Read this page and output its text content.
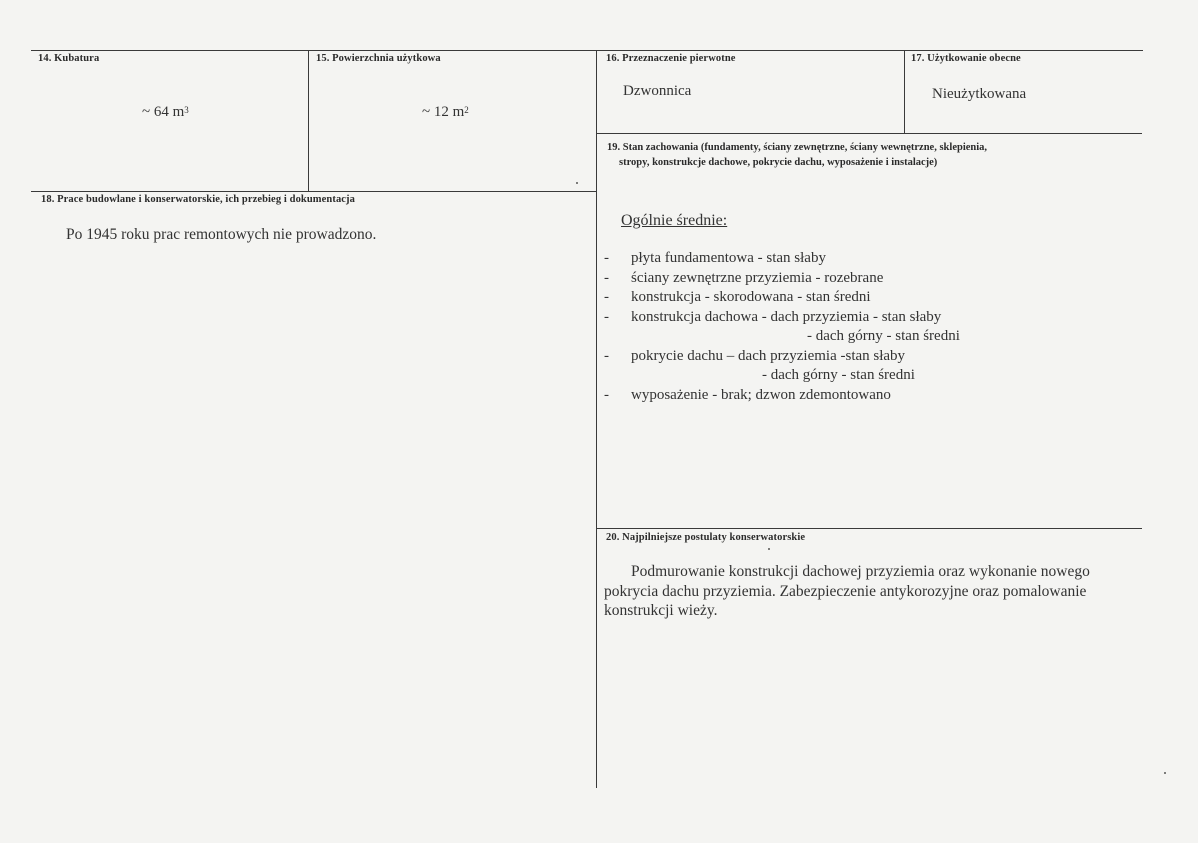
14. Kubatura
~ 64 $m^3$
15. Powierzchnia użytkowa
~ 12 $m^2$
16. Przeznaczenie pierwotne
Dzwonnica
17. Użytkowanie obecne
Nieużytkowana
18. Prace budowlane i konserwatorskie, ich przebieg i dokumentacja
Po 1945 roku prac remontowych nie prowadzono.
19. Stan zachowania (fundamenty, ściany zewnętrzne, ściany wewnętrzne, sklepienia,
stropy, konstrukcje dachowe, pokrycie dachu, wyposażenie i instalacje)
Ogólnie średnie:
-	płyta fundamentowa - stan słaby
-	ściany zewnętrzne przyziemia - rozebrane
-	konstrukcja - skorodowana - stan średni
-	konstrukcja dachowa - dach przyziemia - stan słaby
- dach górny - stan średni
-	pokrycie dachu – dach przyziemia -stan słaby
- dach górny - stan średni
-	wyposażenie - brak; dzwon zdemontowano
20. Najpilniejsze postulaty konserwatorskie
Podmurowanie konstrukcji dachowej przyziemia oraz wykonanie nowego pokrycia dachu przyziemia. Zabezpieczenie antykorozyjne oraz pomalowanie konstrukcji wieży.
